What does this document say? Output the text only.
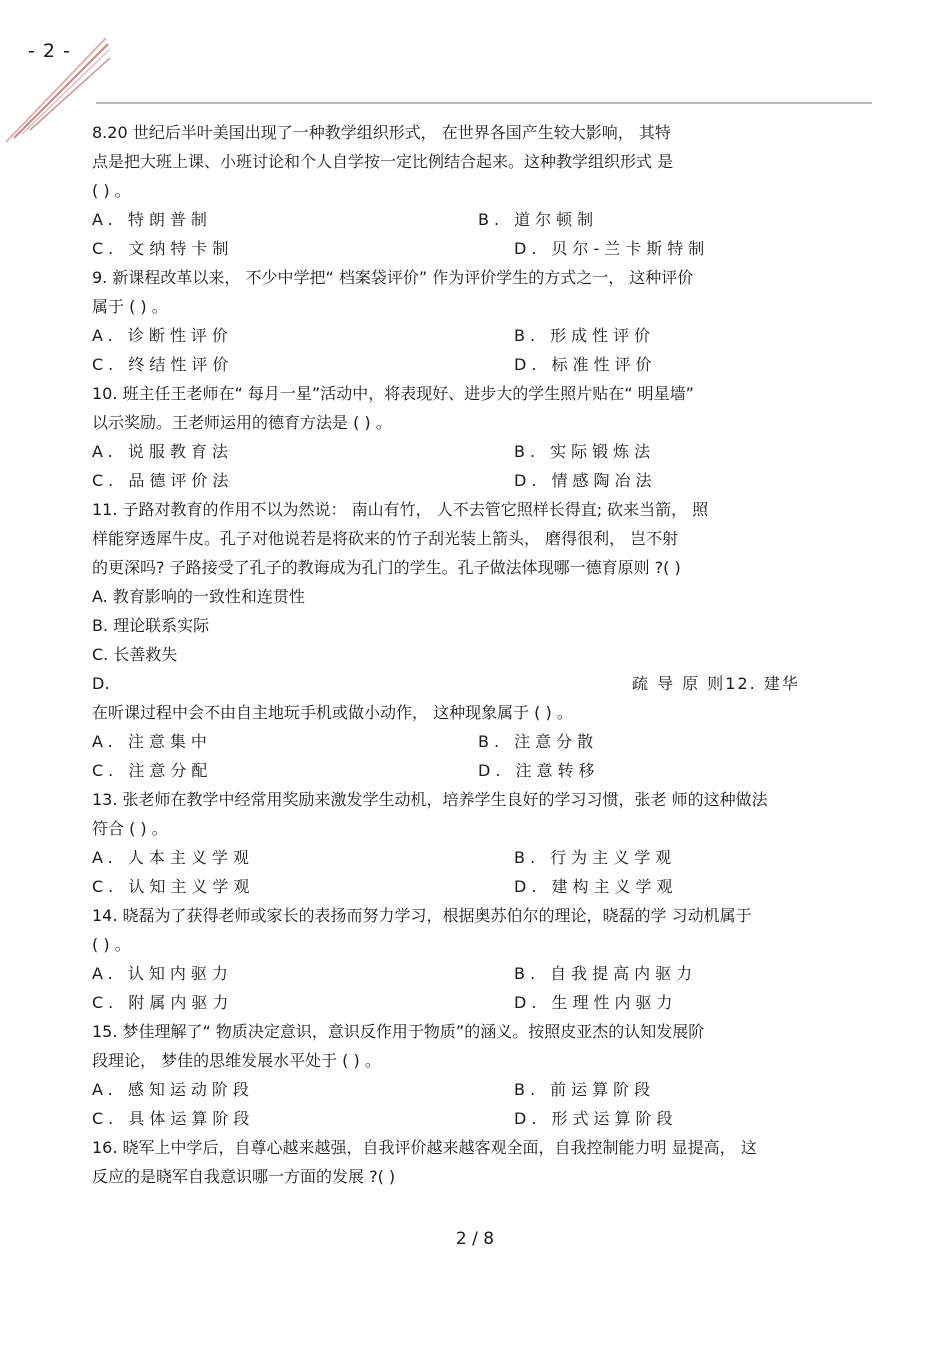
- 2 -
8.20 世纪后半叶美国出现了一种教学组织形式， 在世界各国产生较大影响， 其特
点是把大班上课、小班讨论和个人自学按一定比例结合起来。这种教学组织形式 是
( ) 。
A. 特朗普制	B. 道尔顿制
C. 文纳特卡制	D. 贝尔-兰卡斯特制
9. 新课程改革以来， 不少中学把“ 档案袋评价” 作为评价学生的方式之一， 这种评价
属于 ( ) 。
A. 诊断性评价	B. 形成性评价
C. 终结性评价	D. 标准性评价
10. 班主任王老师在“ 每月一星”活动中，将表现好、进步大的学生照片贴在“ 明星墙”
以示奖励。王老师运用的德育方法是 ( ) 。
A. 说服教育法	B. 实际锻炼法
C. 品德评价法	D. 情感陶冶法
11. 子路对教育的作用不以为然说： 南山有竹， 人不去管它照样长得直; 砍来当箭， 照
样能穿透犀牛皮。孔子对他说若是将砍来的竹子刮光装上箭头， 磨得很利， 岂不射
的更深吗? 子路接受了孔子的教诲成为孔门的学生。孔子做法体现哪一德育原则 ?( )
A. 教育影响的一致性和连贯性
B. 理论联系实际
C. 长善救失
D.	疏 导 原 则12. 建华
在听课过程中会不由自主地玩手机或做小动作， 这种现象属于 ( ) 。
A. 注意集中	B. 注意分散
C. 注意分配	D. 注意转移
13. 张老师在教学中经常用奖励来激发学生动机，培养学生良好的学习习惯，张老 师的这种做法
符合 ( ) 。
A. 人本主义学观	B. 行为主义学观
C. 认知主义学观	D. 建构主义学观
14. 晓磊为了获得老师或家长的表扬而努力学习，根据奥苏伯尔的理论，晓磊的学 习动机属于
( ) 。
A. 认知内驱力	B. 自我提高内驱力
C. 附属内驱力	D. 生理性内驱力
15. 梦佳理解了“ 物质决定意识，意识反作用于物质”的涵义。按照皮亚杰的认知发展阶
段理论， 梦佳的思维发展水平处于 ( ) 。
A. 感知运动阶段	B. 前运算阶段
C. 具体运算阶段	D. 形式运算阶段
16. 晓军上中学后，自尊心越来越强，自我评价越来越客观全面，自我控制能力明 显提高， 这
反应的是晓军自我意识哪一方面的发展 ?( )
2 / 8
